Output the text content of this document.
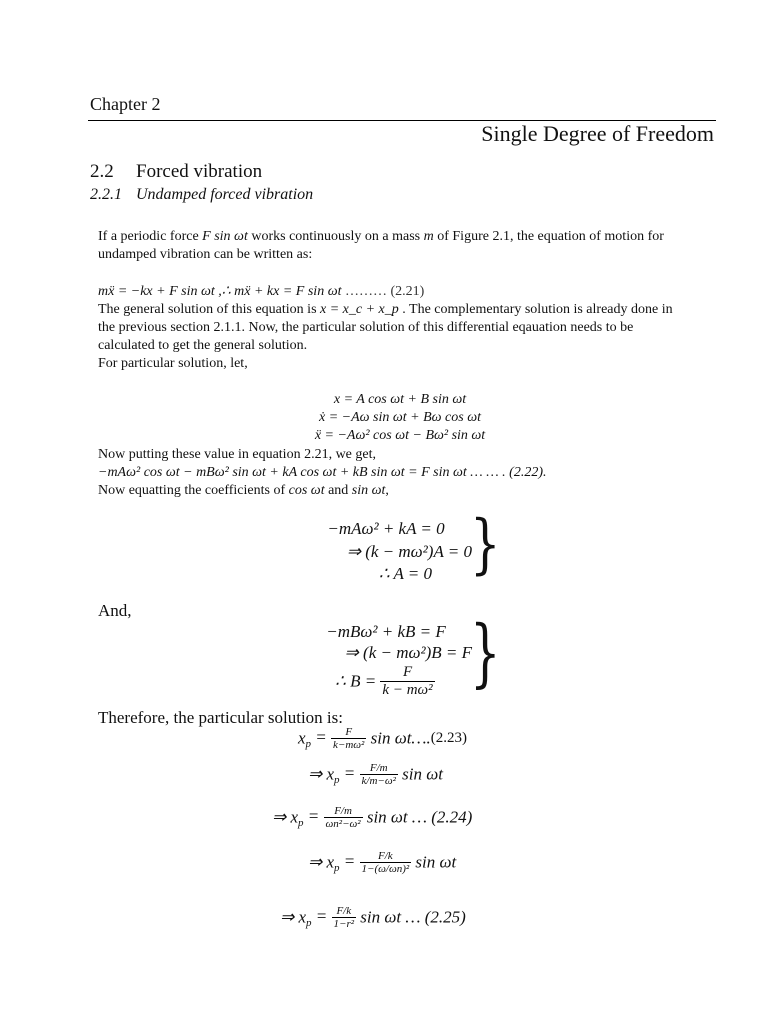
Chapter 2
Single Degree of Freedom
2.2 Forced vibration
2.2.1 Undamped forced vibration
If a periodic force F sin ωt works continuously on a mass m of Figure 2.1, the equation of motion for
undamped vibration can be written as:
mẍ = −kx + F sin ωt ,∴ mẍ + kx = F sin ωt ……… (2.21)
The general solution of this equation is x = x_c + x_p . The complementary solution is already done in
the previous section 2.1.1. Now, the particular solution of this differential eqauation needs to be
calculated to get the general solution.
For particular solution, let,
x = A cos ωt + B sin ωt
ẋ = −Aω sin ωt + Bω cos ωt
ẍ = −Aω² cos ωt − Bω² sin ωt
Now putting these value in equation 2.21, we get,
−mAω² cos ωt − mBω² sin ωt + kA cos ωt + kB sin ωt = F sin ωt … … . (2.22).
Now equatting the coefficients of cos ωt and sin ωt,
−mAω² + kA = 0
⇒ (k − mω²)A = 0
∴ A = 0 }
And,
−mBω² + kB = F
⇒ (k − mω²)B = F
∴ $B = \frac{F}{\text{k − mω²}}$ }
Therefore, the particular solution is:
$x_p = \frac{F}{\text{k−mω²}}$ sin ωt….(2.23)
⇒ $x_p = \frac{F/m}{\text{k/m−ω²}}$ sin ωt
⇒ $x_p = \frac{F/m}{\text{ωn²−ω²}}$ sin ωt … (2.24)
⇒ $x_p = \frac{F/k}{\text{1−(ω/ωn)²}}$ sin ωt
⇒ $x_p = \frac{F/k}{\text{1−r²}}$ sin ωt … (2.25)
